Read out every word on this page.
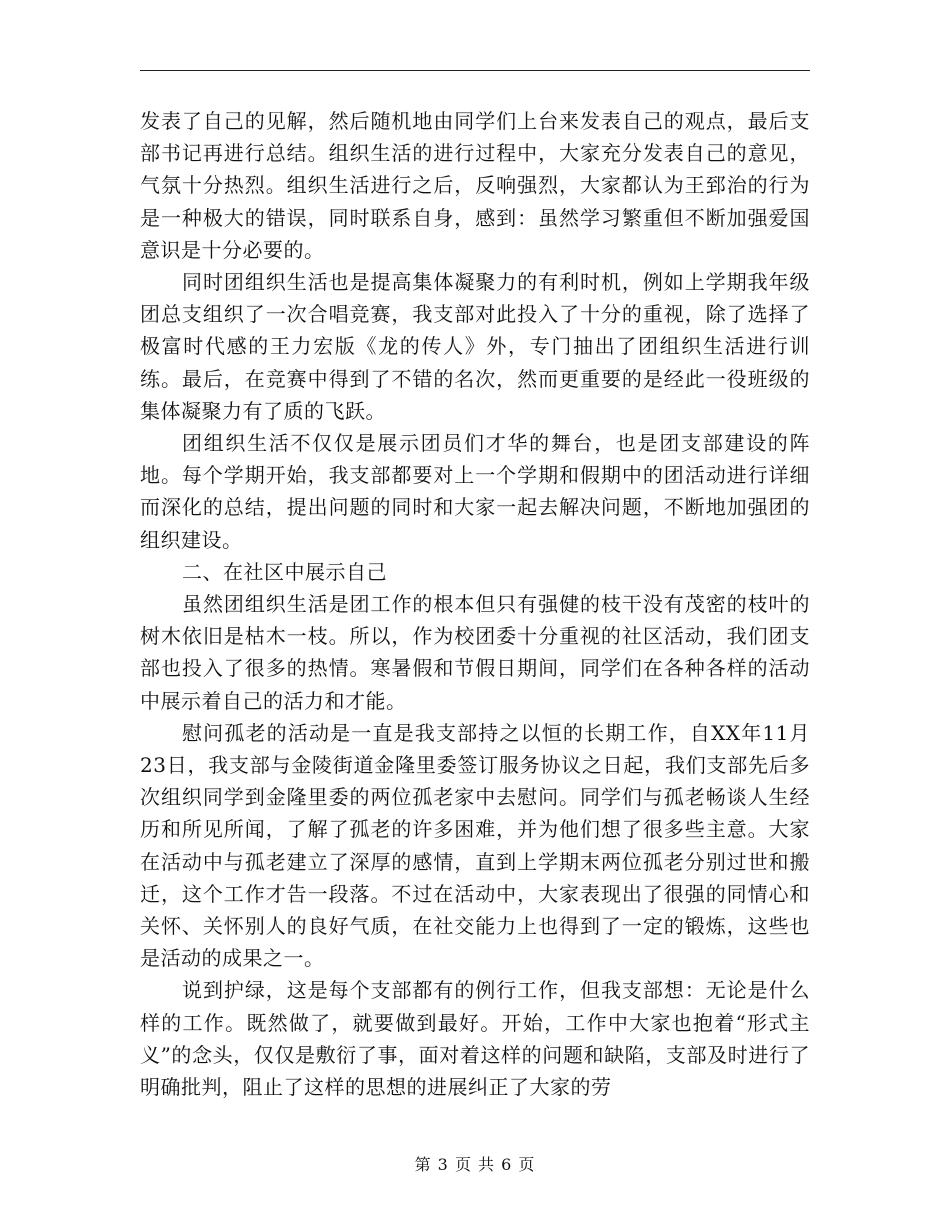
发表了自己的见解，然后随机地由同学们上台来发表自己的观点，最后支部书记再进行总结。组织生活的进行过程中，大家充分发表自己的意见，气氛十分热烈。组织生活进行之后，反响强烈，大家都认为王郅治的行为是一种极大的错误，同时联系自身，感到：虽然学习繁重但不断加强爱国意识是十分必要的。

同时团组织生活也是提高集体凝聚力的有利时机，例如上学期我年级团总支组织了一次合唱竞赛，我支部对此投入了十分的重视，除了选择了极富时代感的王力宏版《龙的传人》外，专门抽出了团组织生活进行训练。最后，在竞赛中得到了不错的名次，然而更重要的是经此一役班级的集体凝聚力有了质的飞跃。

团组织生活不仅仅是展示团员们才华的舞台，也是团支部建设的阵地。每个学期开始，我支部都要对上一个学期和假期中的团活动进行详细而深化的总结，提出问题的同时和大家一起去解决问题，不断地加强团的组织建设。

二、在社区中展示自己

虽然团组织生活是团工作的根本但只有强健的枝干没有茂密的枝叶的树木依旧是枯木一枝。所以，作为校团委十分重视的社区活动，我们团支部也投入了很多的热情。寒暑假和节假日期间，同学们在各种各样的活动中展示着自己的活力和才能。

慰问孤老的活动是一直是我支部持之以恒的长期工作，自XX年11月23日，我支部与金陵街道金隆里委签订服务协议之日起，我们支部先后多次组织同学到金隆里委的两位孤老家中去慰问。同学们与孤老畅谈人生经历和所见所闻，了解了孤老的许多困难，并为他们想了很多些主意。大家在活动中与孤老建立了深厚的感情，直到上学期末两位孤老分别过世和搬迁，这个工作才告一段落。不过在活动中，大家表现出了很强的同情心和关怀、关怀别人的良好气质，在社交能力上也得到了一定的锻炼，这些也是活动的成果之一。

说到护绿，这是每个支部都有的例行工作，但我支部想：无论是什么样的工作。既然做了，就要做到最好。开始，工作中大家也抱着“形式主义”的念头，仅仅是敷衍了事，面对着这样的问题和缺陷，支部及时进行了明确批判，阻止了这样的思想的进展纠正了大家的劳

第 3 页 共 6 页
